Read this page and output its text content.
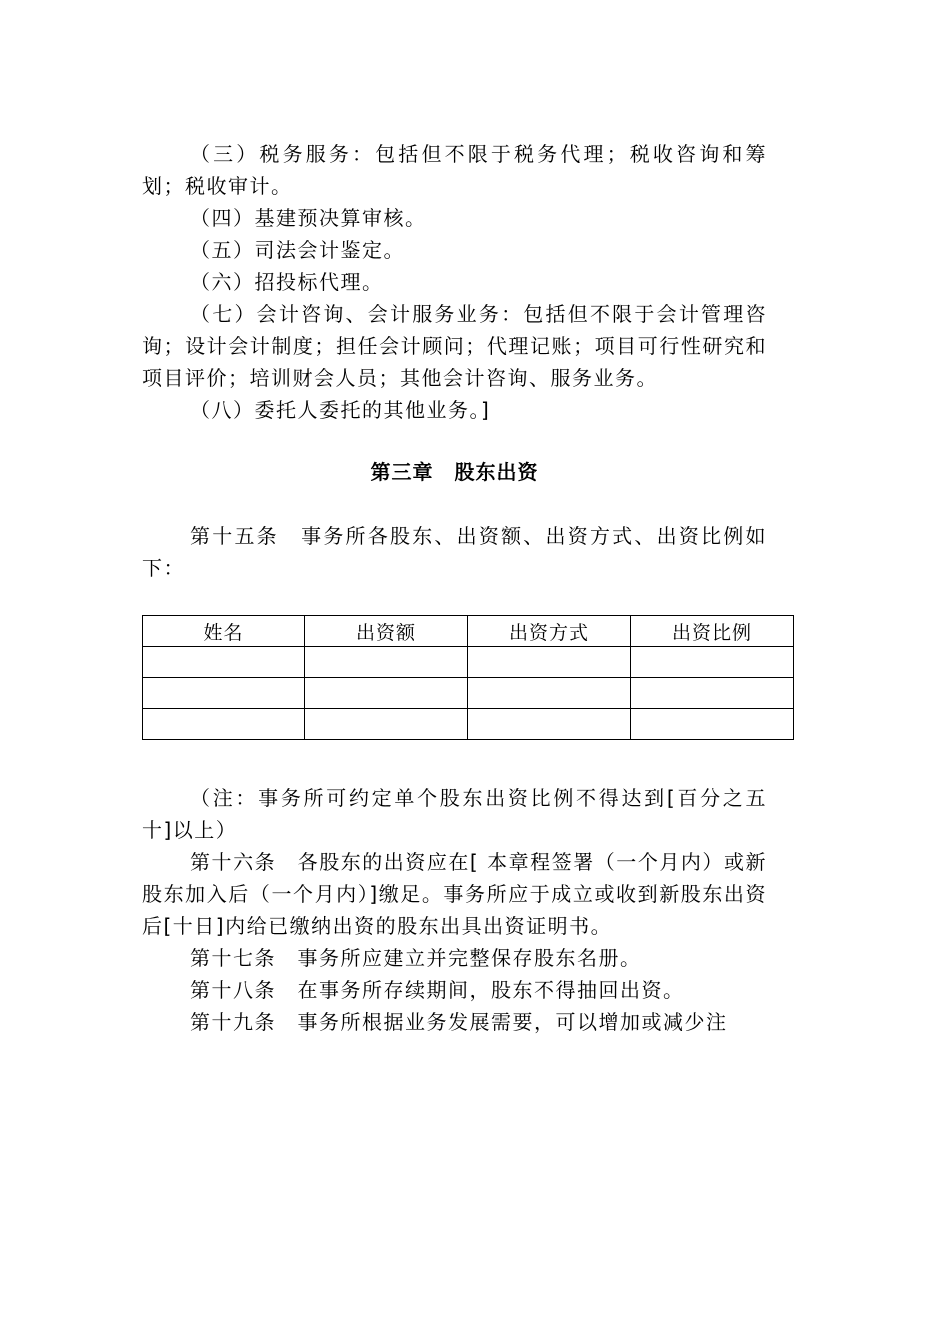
（三）税务服务：包括但不限于税务代理；税收咨询和筹划；税收审计。

（四）基建预决算审核。

（五）司法会计鉴定。

（六）招投标代理。

（七）会计咨询、会计服务业务：包括但不限于会计管理咨询；设计会计制度；担任会计顾问；代理记账；项目可行性研究和项目评价；培训财会人员；其他会计咨询、服务业务。

（八）委托人委托的其他业务。]

第三章　股东出资

第十五条　事务所各股东、出资额、出资方式、出资比例如下：

姓名	出资额	出资方式	出资比例

（注：事务所可约定单个股东出资比例不得达到[百分之五十]以上）

第十六条　各股东的出资应在[ 本章程签署（一个月内）或新股东加入后（一个月内）]缴足。事务所应于成立或收到新股东出资后[十日]内给已缴纳出资的股东出具出资证明书。

第十七条　事务所应建立并完整保存股东名册。

第十八条　在事务所存续期间，股东不得抽回出资。

第十九条　事务所根据业务发展需要，可以增加或减少注
